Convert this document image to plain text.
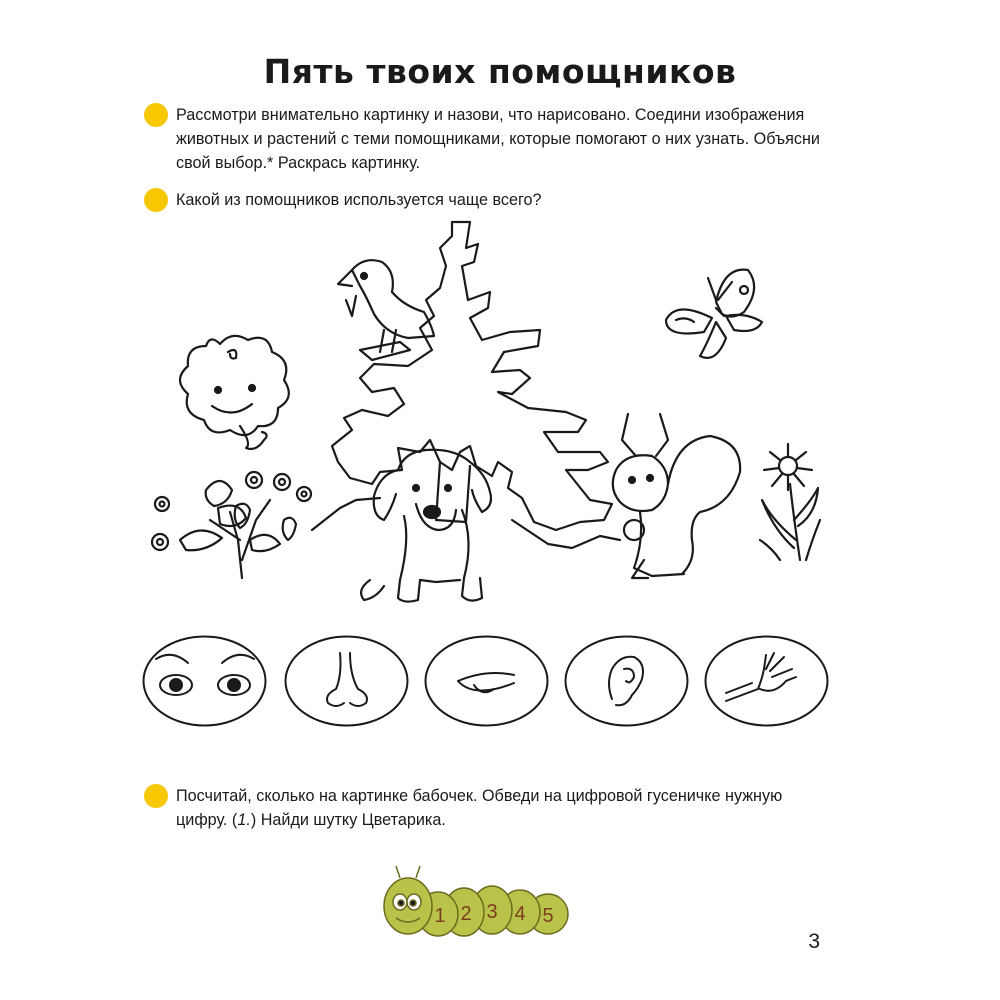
Пять твоих помощников

Рассмотри внимательно картинку и назови, что нарисовано. Соедини изображения животных и растений с теми помощниками, которые помогают о них узнать. Объясни свой выбор.* Раскрась картинку.

Какой из помощников используется чаще всего?

Посчитай, сколько на картинке бабочек. Обведи на цифровой гусеничке нужную цифру. (1.) Найди шутку Цветарика.

1 2 3 4 5
3
